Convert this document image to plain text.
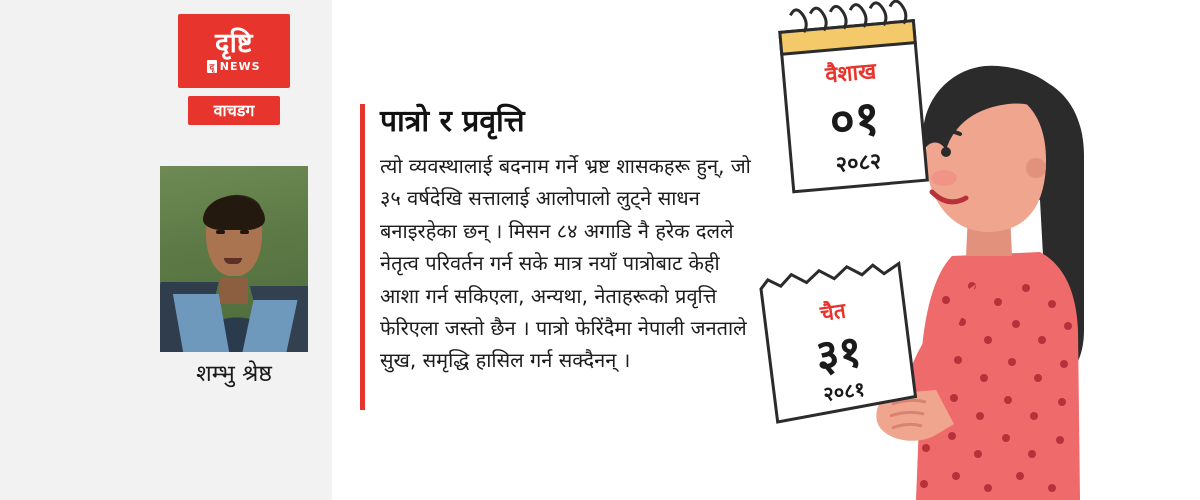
दृष्टि
दृ NEWS
वाचडग
शम्भु श्रेष्ठ
पात्रो र प्रवृत्ति

त्यो व्यवस्थालाई बदनाम गर्ने भ्रष्ट शासकहरू हुन्, जो ३५ वर्षदेखि सत्तालाई आलोपालो लुट्ने साधन बनाइरहेका छन् । मिसन ८४ अगाडि नै हरेक दलले नेतृत्व परिवर्तन गर्न सके मात्र नयाँ पात्रोबाट केही आशा गर्न सकिएला, अन्यथा, नेताहरूको प्रवृत्ति फेरिएला जस्तो छैन । पात्रो फेरिंदैमा नेपाली जनताले सुख, समृद्धि हासिल गर्न सक्दैनन् ।

वैशाख
०१
२०८२
चैत
३१
२०८१
